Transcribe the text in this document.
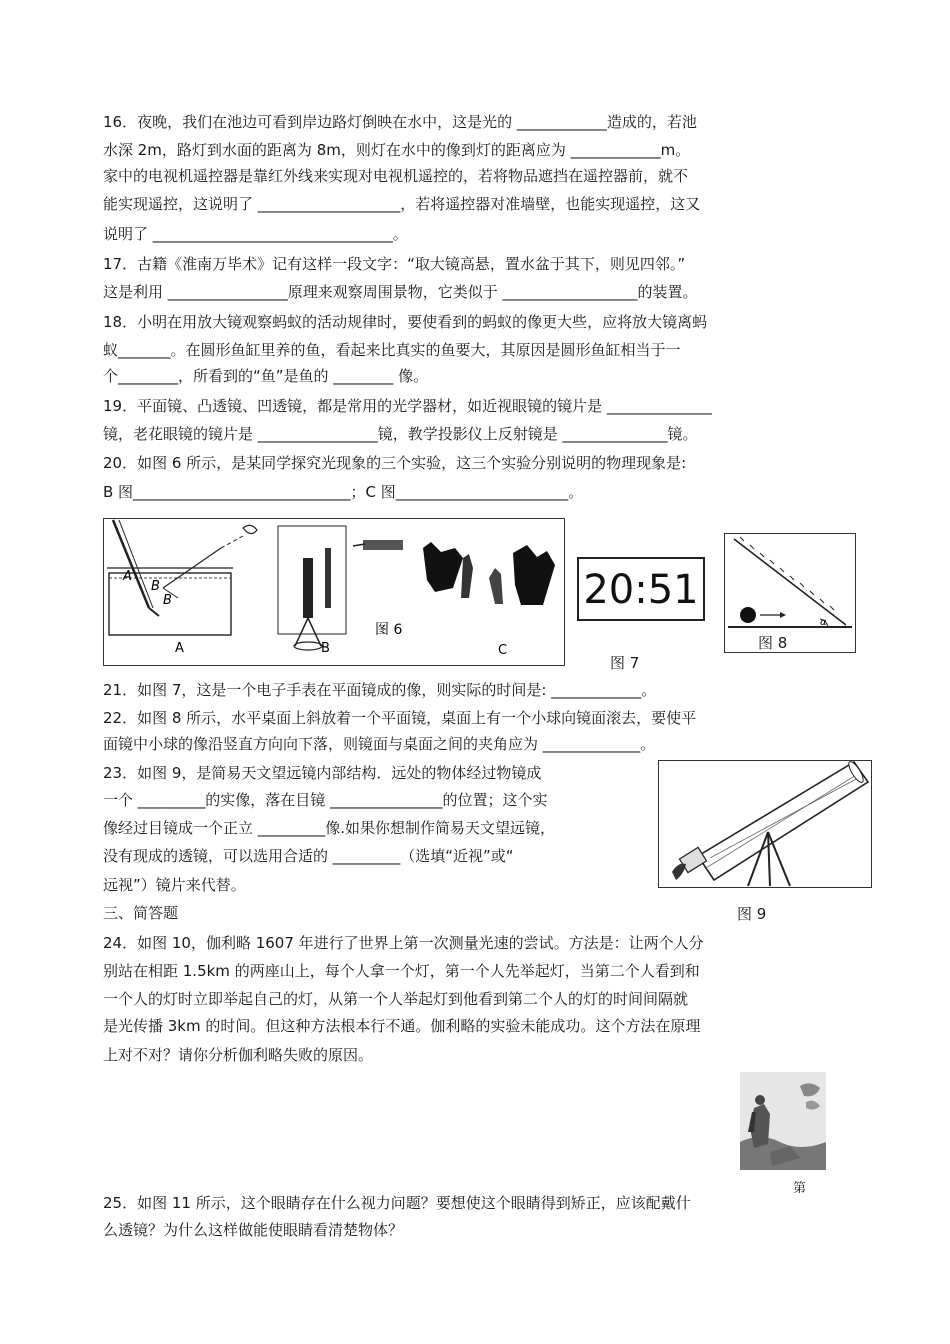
16．夜晚，我们在池边可看到岸边路灯倒映在水中，这是光的 ____________造成的，若池
水深 2m，路灯到水面的距离为 8m，则灯在水中的像到灯的距离应为 ____________m。
家中的电视机遥控器是靠红外线来实现对电视机遥控的，若将物品遮挡在遥控器前，就不
能实现遥控，这说明了 ___________________，若将遥控器对准墙壁，也能实现遥控，这又
说明了 ________________________________。
17．古籍《淮南万毕术》记有这样一段文字：“取大镜高悬，置水盆于其下，则见四邻。”
这是利用 ________________原理来观察周围景物，它类似于 __________________的装置。
18．小明在用放大镜观察蚂蚁的活动规律时，要使看到的蚂蚁的像更大些，应将放大镜离蚂
蚁_______。在圆形鱼缸里养的鱼，看起来比真实的鱼要大，其原因是圆形鱼缸相当于一
个________，所看到的“鱼”是鱼的 ________ 像。
19．平面镜、凸透镜、凹透镜，都是常用的光学器材，如近视眼镜的镜片是 ______________
镜，老花眼镜的镜片是 ________________镜，教学投影仪上反射镜是 ______________镜。
20．如图 6 所示，是某同学探究光现象的三个实验，这三个实验分别说明的物理现象是:
B 图_____________________________；C 图_______________________。
A
B
B
图 6
A	B	C
20:51
图 7
α
图 8
21．如图 7，这是一个电子手表在平面镜成的像，则实际的时间是: ____________。
22．如图 8 所示，水平桌面上斜放着一个平面镜，桌面上有一个小球向镜面滚去，要使平
面镜中小球的像沿竖直方向向下落，则镜面与桌面之间的夹角应为 _____________。
23．如图 9，是简易天文望远镜内部结构．远处的物体经过物镜成
一个 _________的实像，落在目镜 _______________的位置；这个实
像经过目镜成一个正立 _________像.如果你想制作简易天文望远镜，
没有现成的透镜，可以选用合适的 _________（选填“近视”或“
远视”）镜片来代替。
图 9
三、简答题
24．如图 10，伽利略 1607 年进行了世界上第一次测量光速的尝试。方法是：让两个人分
别站在相距 1.5km 的两座山上，每个人拿一个灯，第一个人先举起灯，当第二个人看到和
一个人的灯时立即举起自己的灯，从第一个人举起灯到他看到第二个人的灯的时间间隔就
是光传播 3km 的时间。但这种方法根本行不通。伽利略的实验未能成功。这个方法在原理
上对不对？请你分析伽利略失败的原因。
第
25．如图 11 所示，这个眼睛存在什么视力问题？要想使这个眼睛得到矫正，应该配戴什
么透镜？为什么这样做能使眼睛看清楚物体？
